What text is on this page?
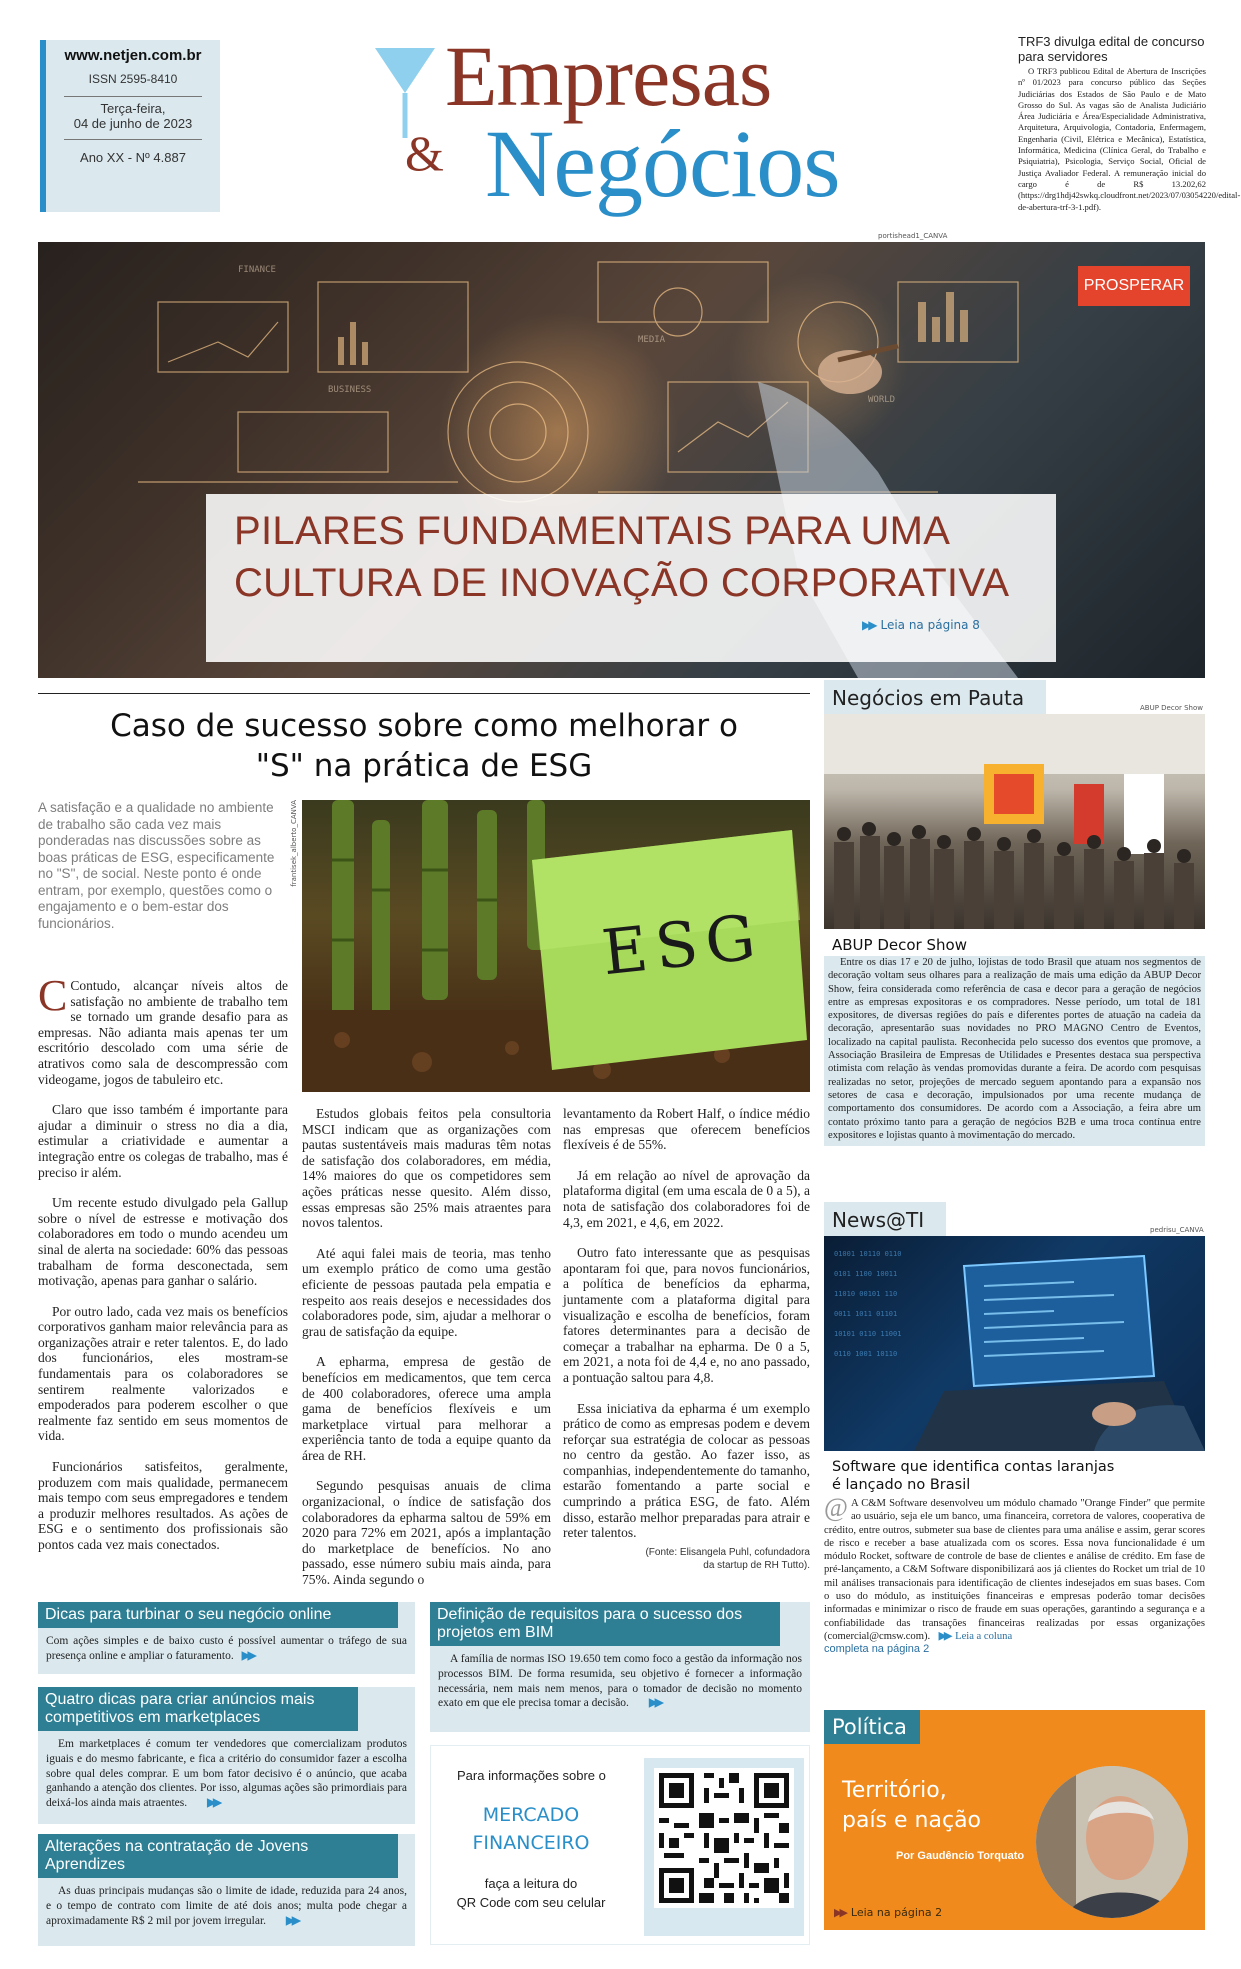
www.netjen.com.br
ISSN 2595-8410
Terça-feira,
04 de junho de 2023
Ano XX - Nº 4.887
Empresas
& Negócios
TRF3 divulga edital de concurso para servidores
O TRF3 publicou Edital de Abertura de Inscrições nº 01/2023 para concurso público das Seções Judiciárias dos Estados de São Paulo e de Mato Grosso do Sul. As vagas são de Analista Judiciário Área Judiciária e Área/Especialidade Administrativa, Arquitetura, Arquivologia, Contadoria, Enfermagem, Engenharia (Civil, Elétrica e Mecânica), Estatística, Informática, Medicina (Clínica Geral, do Trabalho e Psiquiatria), Psicologia, Serviço Social, Oficial de Justiça Avaliador Federal. A remuneração inicial do cargo é de R$ 13.202,62 (https://drg1hdj42swkq.cloudfront.net/2023/07/03054220/edital-de-abertura-trf-3-1.pdf).
portishead1_CANVA
FINANCE
BUSINESS
MEDIA
WORLD
PROSPERAR
PILARES FUNDAMENTAIS PARA UMA
CULTURA DE INOVAÇÃO CORPORATIVA
▶▶ Leia na página 8
Caso de sucesso sobre como melhorar o
"S" na prática de ESG
A satisfação e a qualidade no ambiente de trabalho são cada vez mais ponderadas nas discussões sobre as boas práticas de ESG, especificamente no "S", de social. Neste ponto é onde entram, por exemplo, questões como o engajamento e o bem-estar dos funcionários.
frantisek_alberto_CANVA
ESG

C Contudo, alcançar níveis altos de satisfação no ambiente de trabalho tem se tornado um grande desafio para as empresas. Não adianta mais apenas ter um escritório descolado com uma série de atrativos como sala de descompressão com videogame, jogos de tabuleiro etc.

Claro que isso também é importante para ajudar a diminuir o stress no dia a dia, estimular a criatividade e aumentar a integração entre os colegas de trabalho, mas é preciso ir além.

Um recente estudo divulgado pela Gallup sobre o nível de estresse e motivação dos colaboradores em todo o mundo acendeu um sinal de alerta na sociedade: 60% das pessoas trabalham de forma desconectada, sem motivação, apenas para ganhar o salário.

Por outro lado, cada vez mais os benefícios corporativos ganham maior relevância para as organizações atrair e reter talentos. E, do lado dos funcionários, eles mostram-se fundamentais para os colaboradores se sentirem realmente valorizados e empoderados para poderem escolher o que realmente faz sentido em seus momentos de vida.

Funcionários satisfeitos, geralmente, produzem com mais qualidade, permanecem mais tempo com seus empregadores e tendem a produzir melhores resultados. As ações de ESG e o sentimento dos profissionais são pontos cada vez mais conectados.

Estudos globais feitos pela consultoria MSCI indicam que as organizações com pautas sustentáveis mais maduras têm notas de satisfação dos colaboradores, em média, 14% maiores do que os competidores sem ações práticas nesse quesito. Além disso, essas empresas são 25% mais atraentes para novos talentos.

Até aqui falei mais de teoria, mas tenho um exemplo prático de como uma gestão eficiente de pessoas pautada pela empatia e respeito aos reais desejos e necessidades dos colaboradores pode, sim, ajudar a melhorar o grau de satisfação da equipe.

A epharma, empresa de gestão de benefícios em medicamentos, que tem cerca de 400 colaboradores, oferece uma ampla gama de benefícios flexíveis e um marketplace virtual para melhorar a experiência tanto de toda a equipe quanto da área de RH.

Segundo pesquisas anuais de clima organizacional, o índice de satisfação dos colaboradores da epharma saltou de 59% em 2020 para 72% em 2021, após a implantação do marketplace de benefícios. No ano passado, esse número subiu mais ainda, para 75%. Ainda segundo o

levantamento da Robert Half, o índice médio nas empresas que oferecem benefícios flexíveis é de 55%.

Já em relação ao nível de aprovação da plataforma digital (em uma escala de 0 a 5), a nota de satisfação dos colaboradores foi de 4,3, em 2021, e 4,6, em 2022.

Outro fato interessante que as pesquisas apontaram foi que, para novos funcionários, a política de benefícios da epharma, juntamente com a plataforma digital para visualização e escolha de benefícios, foram fatores determinantes para a decisão de começar a trabalhar na epharma. De 0 a 5, em 2021, a nota foi de 4,4 e, no ano passado, a pontuação saltou para 4,8.

Essa iniciativa da epharma é um exemplo prático de como as empresas podem e devem reforçar sua estratégia de colocar as pessoas no centro da gestão. Ao fazer isso, as companhias, independentemente do tamanho, estarão fomentando a parte social e cumprindo a prática ESG, de fato. Além disso, estarão melhor preparadas para atrair e reter talentos.

(Fonte: Elisangela Puhl, cofundadora
da startup de RH Tutto).
Negócios em Pauta	ABUP Decor Show
ABUP Decor Show
Entre os dias 17 e 20 de julho, lojistas de todo Brasil que atuam nos segmentos de decoração voltam seus olhares para a realização de mais uma edição da ABUP Decor Show, feira considerada como referência de casa e decor para a geração de negócios entre as empresas expositoras e os compradores. Nesse período, um total de 181 expositores, de diversas regiões do país e diferentes portes de atuação na cadeia da decoração, apresentarão suas novidades no PRO MAGNO Centro de Eventos, localizado na capital paulista. Reconhecida pelo sucesso dos eventos que promove, a Associação Brasileira de Empresas de Utilidades e Presentes destaca sua perspectiva otimista com relação às vendas promovidas durante a feira. De acordo com pesquisas realizadas no setor, projeções de mercado seguem apontando para a expansão nos setores de casa e decoração, impulsionados por uma recente mudança de comportamento dos consumidores. De acordo com a Associação, a feira abre um contato próximo tanto para a geração de negócios B2B e uma troca contínua entre expositores e lojistas quanto à movimentação do mercado.
News@TI	pedrisu_CANVA
01001 10110 0110
0101 1100 10011
11010 00101 110
0011 1011 01101
10101 0110 11001
0110 1001 10110
Software que identifica contas laranjas
é lançado no Brasil
@ A C&M Software desenvolveu um módulo chamado "Orange Finder" que permite ao usuário, seja ele um banco, uma financeira, corretora de valores, cooperativa de crédito, entre outros, submeter sua base de clientes para uma análise e assim, gerar scores de risco e receber a base atualizada com os scores. Essa nova funcionalidade é um módulo Rocket, software de controle de base de clientes e análise de crédito. Em fase de pré-lançamento, a C&M Software disponibilizará aos já clientes do Rocket um trial de 10 mil análises transacionais para identificação de clientes indesejados em suas bases. Com o uso do módulo, as instituições financeiras e empresas poderão tomar decisões informadas e minimizar o risco de fraude em suas operações, garantindo a segurança e a confiabilidade das transações financeiras realizadas por essas organizações (comercial@cmsw.com). ▶▶ Leia a coluna
completa na página 2
Política
Território,
país e nação
Por Gaudêncio Torquato
▶▶ Leia na página 2
Dicas para turbinar o seu negócio online
Com ações simples e de baixo custo é possível aumentar o tráfego de sua presença online e ampliar o faturamento. ▶▶
Quatro dicas para criar anúncios mais competitivos em marketplaces
Em marketplaces é comum ter vendedores que comercializam produtos iguais e do mesmo fabricante, e fica a critério do consumidor fazer a escolha sobre qual deles comprar. E um bom fator decisivo é o anúncio, que acaba ganhando a atenção dos clientes. Por isso, algumas ações são primordiais para deixá-los ainda mais atraentes. ▶▶
Alterações na contratação de Jovens Aprendizes
As duas principais mudanças são o limite de idade, reduzida para 24 anos, e o tempo de contrato com limite de até dois anos; multa pode chegar a aproximadamente R$ 2 mil por jovem irregular. ▶▶
Definição de requisitos para o sucesso dos projetos em BIM
A família de normas ISO 19.650 tem como foco a gestão da informação nos processos BIM. De forma resumida, seu objetivo é fornecer a informação necessária, nem mais nem menos, para o tomador de decisão no momento exato em que ele precisa tomar a decisão. ▶▶
Para informações sobre o
MERCADO
FINANCEIRO
faça a leitura do
QR Code com seu celular
